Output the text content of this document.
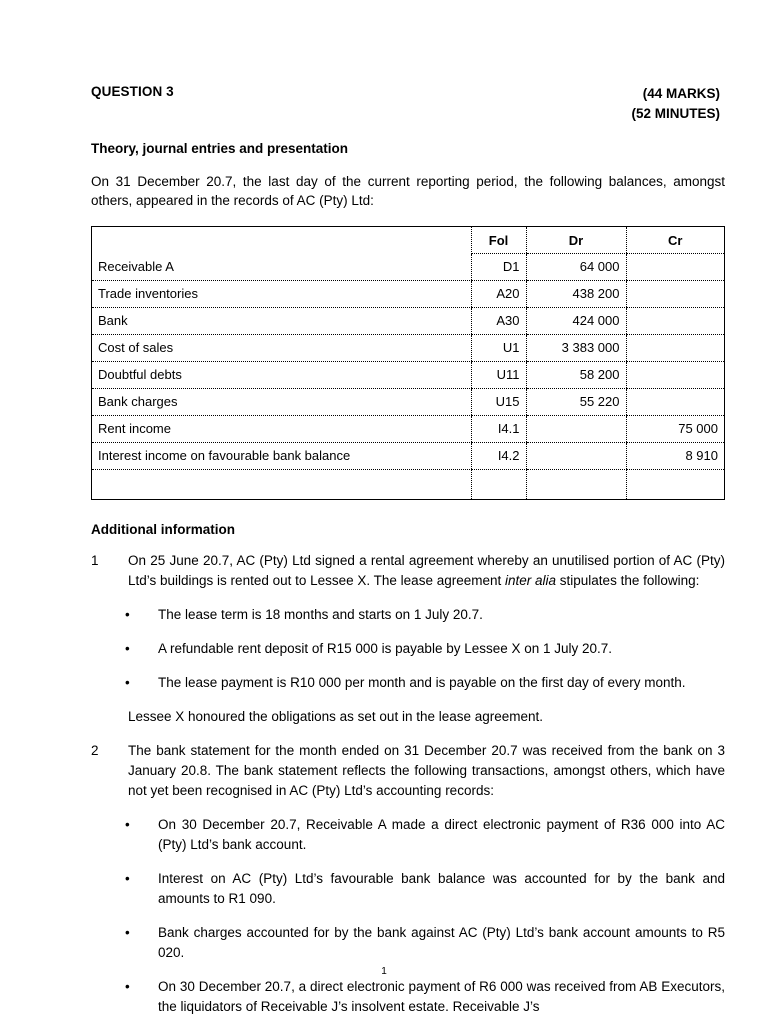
QUESTION 3	(44 MARKS)
(52 MINUTES)
Theory, journal entries and presentation
On 31 December 20.7, the last day of the current reporting period, the following balances, amongst others, appeared in the records of AC (Pty) Ltd:
	Fol	Dr	Cr
Receivable A	D1	64 000	
Trade inventories	A20	438 200	
Bank	A30	424 000	
Cost of sales	U1	3 383 000	
Doubtful debts	U11	58 200	
Bank charges	U15	55 220	
Rent income	I4.1		75 000
Interest income on favourable bank balance	I4.2		8 910

Additional information
1	On 25 June 20.7, AC (Pty) Ltd signed a rental agreement whereby an unutilised portion of AC (Pty) Ltd’s buildings is rented out to Lessee X. The lease agreement inter alia stipulates the following:
•	The lease term is 18 months and starts on 1 July 20.7.
•	A refundable rent deposit of R15 000 is payable by Lessee X on 1 July 20.7.
•	The lease payment is R10 000 per month and is payable on the first day of every month.
Lessee X honoured the obligations as set out in the lease agreement.
2	The bank statement for the month ended on 31 December 20.7 was received from the bank on 3 January 20.8. The bank statement reflects the following transactions, amongst others, which have not yet been recognised in AC (Pty) Ltd’s accounting records:
•	On 30 December 20.7, Receivable A made a direct electronic payment of R36 000 into AC (Pty) Ltd’s bank account.
•	Interest on AC (Pty) Ltd’s favourable bank balance was accounted for by the bank and amounts to R1 090.
•	Bank charges accounted for by the bank against AC (Pty) Ltd’s bank account amounts to R5 020.
•	On 30 December 20.7, a direct electronic payment of R6 000 was received from AB Executors, the liquidators of Receivable J’s insolvent estate. Receivable J’s
1
